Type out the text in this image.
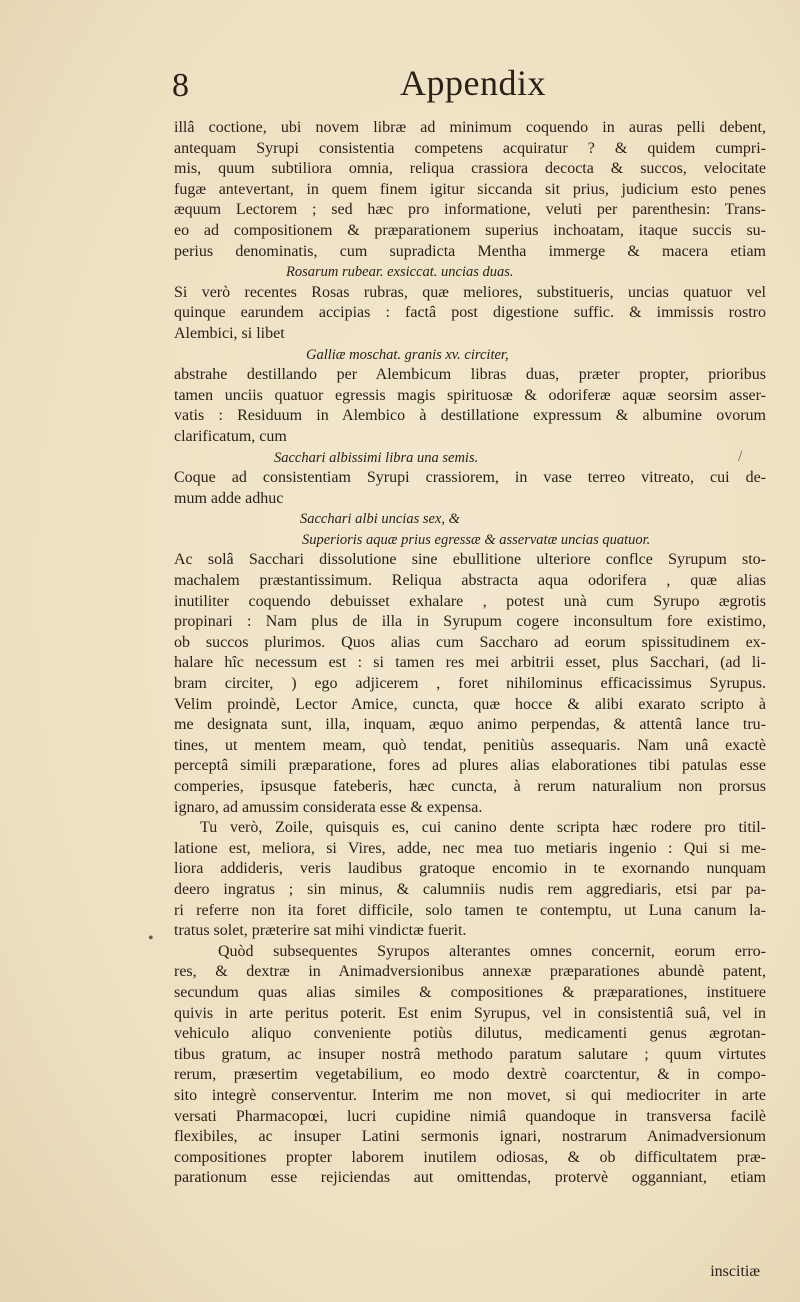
8	Appendix
illâ coctione, ubi novem libræ ad minimum coquendo in auras pelli debent,
antequam Syrupi consistentia competens acquiratur ? & quidem cumpri-
mis, quum subtiliora omnia, reliqua crassiora decocta & succos, velocitate
fugæ antevertant, in quem finem igitur siccanda sit prius, judicium esto penes
æquum Lectorem ; sed hæc pro informatione, veluti per parenthesin: Trans-
eo ad compositionem & præparationem superius inchoatam, itaque succis su-
perius denominatis, cum supradicta Mentha immerge & macera etiam
Rosarum rubear. exsiccat. uncias duas.
Si verò recentes Rosas rubras, quæ meliores, substitueris, uncias quatuor vel
quinque earundem accipias : factâ post digestione suffic. & immissis rostro
Alembici, si libet
Galliæ moschat. granis xv. circiter,
abstrahe destillando per Alembicum libras duas, præter propter, prioribus
tamen unciis quatuor egressis magis spirituosæ & odoriferæ aquæ seorsim asser-
vatis : Residuum in Alembico à destillatione expressum & albumine ovorum
clarificatum, cum
Sacchari albissimi libra una semis.
Coque ad consistentiam Syrupi crassiorem, in vase terreo vitreato, cui de-
mum adde adhuc
Sacchari albi uncias sex, &
Superioris aquæ prius egressæ & asservatæ uncias quatuor.
Ac solâ Sacchari dissolutione sine ebullitione ulteriore conflce Syrupum sto-
machalem præstantissimum. Reliqua abstracta aqua odorifera , quæ alias
inutiliter coquendo debuisset exhalare , potest unà cum Syrupo ægrotis
propinari : Nam plus de illa in Syrupum cogere inconsultum fore existimo,
ob succos plurimos. Quos alias cum Saccharo ad eorum spissitudinem ex-
halare hîc necessum est : si tamen res mei arbitrii esset, plus Sacchari, (ad li-
bram circiter, ) ego adjicerem , foret nihilominus efficacissimus Syrupus.
Velim proindè, Lector Amice, cuncta, quæ hocce & alibi exarato scripto à
me designata sunt, illa, inquam, æquo animo perpendas, & attentâ lance tru-
tines, ut mentem meam, quò tendat, penitiùs assequaris. Nam unâ exactè
perceptâ simili præparatione, fores ad plures alias elaborationes tibi patulas esse
comperies, ipsusque fateberis, hæc cuncta, à rerum naturalium non prorsus
ignaro, ad amussim considerata esse & expensa.
Tu verò, Zoile, quisquis es, cui canino dente scripta hæc rodere pro titil-
latione est, meliora, si Vires, adde, nec mea tuo metiaris ingenio : Qui si me-
liora addideris, veris laudibus gratoque encomio in te exornando nunquam
deero ingratus ; sin minus, & calumniis nudis rem aggrediaris, etsi par pa-
ri referre non ita foret difficile, solo tamen te contemptu, ut Luna canum la-
tratus solet, præterire sat mihi vindictæ fuerit.
Quòd subsequentes Syrupos alterantes omnes concernit, eorum erro-
res, & dextræ in Animadversionibus annexæ præparationes abundè patent,
secundum quas alias similes & compositiones & præparationes, instituere
quivis in arte peritus poterit. Est enim Syrupus, vel in consistentiâ suâ, vel in
vehiculo aliquo conveniente potiùs dilutus, medicamenti genus ægrotan-
tibus gratum, ac insuper nostrâ methodo paratum salutare ; quum virtutes
rerum, præsertim vegetabilium, eo modo dextrè coarctentur, & in compo-
sito integrè conserventur. Interim me non movet, si qui mediocriter in arte
versati Pharmacopœi, lucri cupidine nimiâ quandoque in transversa facilè
flexibiles, ac insuper Latini sermonis ignari, nostrarum Animadversionum
compositiones propter laborem inutilem odiosas, & ob difficultatem præ-
parationum esse rejiciendas aut omittendas, protervè ogganniant, etiam
inscitiæ
•
/
